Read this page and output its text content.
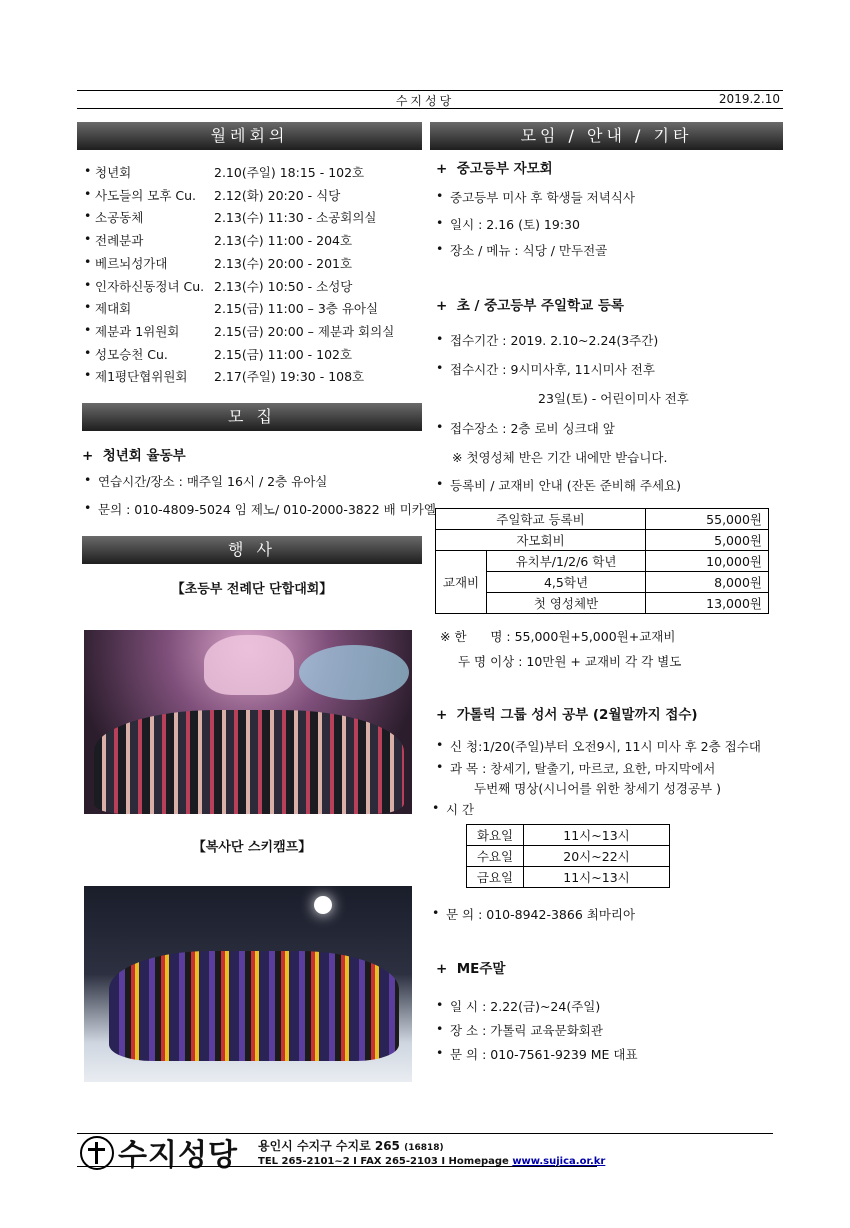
수지성당	2019.2.10
월레회의
• 청년회	2.10(주일) 18:15 - 102호
• 사도들의 모후 Cu. 2.12(화) 20:20 - 식당
• 소공동체	2.13(수) 11:30 - 소공회의실
• 전례분과	2.13(수) 11:00 - 204호
• 베르뇌성가대	2.13(수) 20:00 - 201호
• 인자하신동정녀 Cu. 2.13(수) 10:50 - 소성당
• 제대회	2.15(금) 11:00 – 3층 유아실
• 제분과 1위원회	2.15(금) 20:00 – 제분과 회의실
• 성모승천 Cu.	2.15(금) 11:00 - 102호
• 제1평단협위원회 2.17(주일) 19:30 - 108호
모 집
+ 청년회 율동부
• 연습시간/장소 : 매주일 16시 / 2층 유아실
• 문의 : 010-4809-5024 임 제노/ 010-2000-3822 배 미카엘
행 사
【초등부 전례단 단합대회】
【복사단 스키캠프】
모임 / 안내 / 기타
+ 중고등부 자모회
• 중고등부 미사 후 학생들 저녁식사
• 일시 : 2.16 (토) 19:30
• 장소 / 메뉴 : 식당 / 만두전골
+ 초 / 중고등부 주일학교 등록
• 접수기간 : 2019. 2.10~2.24(3주간)
• 접수시간 : 9시미사후, 11시미사 전후
23일(토) - 어린이미사 전후
• 접수장소 : 2층 로비 싱크대 앞
※ 첫영성체 반은 기간 내에만 받습니다.
• 등록비 / 교재비 안내 (잔돈 준비해 주세요)
주일학교 등록비		55,000원
자모회비		5,000원
교재비	유치부/1/2/6 학년	10,000원
	4,5학년	8,000원
	첫 영성체반	13,000원
※ 한      명 : 55,000원+5,000원+교재비
두 명 이상 : 10만원 + 교재비 각 각 별도
+ 가톨릭 그룹 성서 공부 (2월말까지 접수)
• 신 청:1/20(주일)부터 오전9시, 11시 미사 후 2층 접수대
• 과 목 : 창세기, 탈출기, 마르코, 요한, 마지막에서
두번째 명상(시니어를 위한 창세기 성경공부 )
• 시 간
화요일	11시~13시
수요일	20시~22시
금요일	11시~13시
• 문 의 : 010-8942-3866 최마리아
+ ME주말
• 일 시 : 2.22(금)~24(주일)
• 장 소 : 가톨릭 교육문화회관
• 문 의 : 010-7561-9239 ME 대표
수지성당 용인시 수지구 수지로 265 (16818)
TEL 265-2101~2 I FAX 265-2103 I Homepage www.sujica.or.kr
